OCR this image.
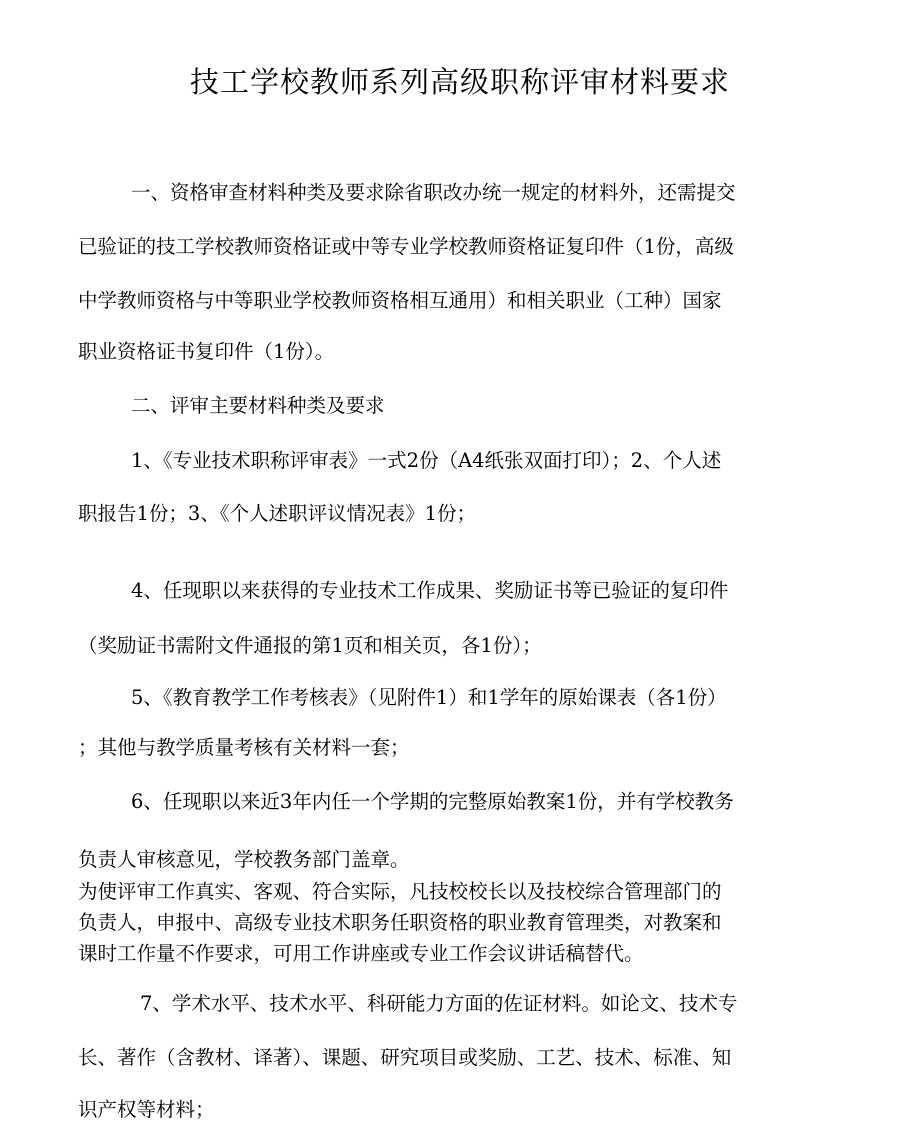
技工学校教师系列高级职称评审材料要求
一、资格审查材料种类及要求除省职改办统一规定的材料外，还需提交
已验证的技工学校教师资格证或中等专业学校教师资格证复印件（1份，高级
中学教师资格与中等职业学校教师资格相互通用）和相关职业（工种）国家
职业资格证书复印件（1份）。
二、评审主要材料种类及要求
1、《专业技术职称评审表》一式2份（A4纸张双面打印）；2、个人述
职报告1份；3、《个人述职评议情况表》1份；
4、任现职以来获得的专业技术工作成果、奖励证书等已验证的复印件
（奖励证书需附文件通报的第1页和相关页，各1份）；
5、《教育教学工作考核表》（见附件1）和1学年的原始课表（各1份）
；其他与教学质量考核有关材料一套；
6、任现职以来近3年内任一个学期的完整原始教案1份，并有学校教务
负责人审核意见，学校教务部门盖章。
为使评审工作真实、客观、符合实际，凡技校校长以及技校综合管理部门的
负责人，申报中、高级专业技术职务任职资格的职业教育管理类，对教案和
课时工作量不作要求，可用工作讲座或专业工作会议讲话稿替代。
7、学术水平、技术水平、科研能力方面的佐证材料。如论文、技术专
长、著作（含教材、译著）、课题、研究项目或奖励、工艺、技术、标准、知
识产权等材料；
